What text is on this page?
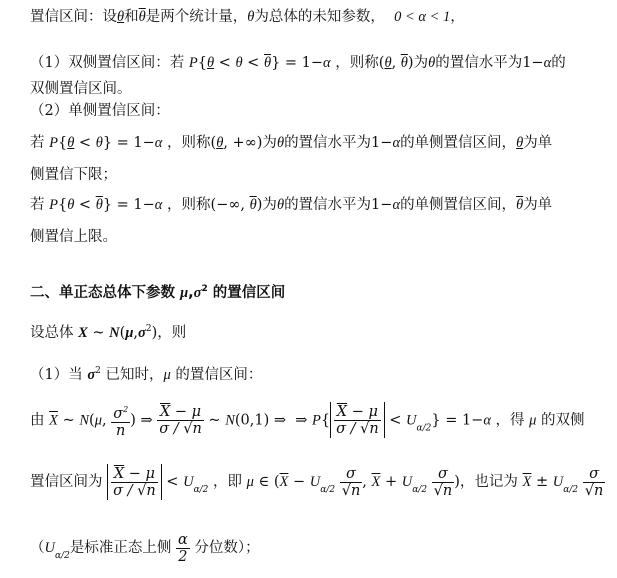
置信区间：设θ和$\overline{\theta}$是两个统计量，θ为总体的未知参数，  0 < α < 1，
（1）双侧置信区间：若 $P\{\theta < \theta < \overline{\theta}\} = 1-\alpha$ ，则称(θ, $\overline{\theta}$)为θ的置信水平为1−α的
双侧置信区间。
（2）单侧置信区间：
若 P{θ < θ} = 1−α ，则称(θ, +∞)为θ的置信水平为1−α的单侧置信区间，θ为单
侧置信下限；
若 $P\{\theta < \overline{\theta}\} = 1-\alpha$ ，则称(−∞, $\overline{\theta}$)为θ的置信水平为1−α的单侧置信区间，$\overline{\theta}$为单
侧置信上限。
二、单正态总体下参数 $\mu,\sigma^2$ 的置信区间
设总体 X ~ $N(\mu,\sigma^2)$，则
（1）当 $\sigma^2$ 已知时，μ 的置信区间：
由 $\overline{X}$ ~ N(μ, $\frac{\sigma^2}{n}$ ) ⇒ $\frac{\overline{X} - \mu}{\sigma / √n}$ ~ N(0,1) ⇒  ⇒ $P\{ \frac{\overline{X} - \mu}{\sigma / √n} < U_{\alpha/2}\} = 1-\alpha$ ，得 μ 的双侧
置信区间为 $\frac{\overline{X} - \mu}{\sigma / √n} < U_{\alpha/2}$ ，即 μ ∈ ($\overline{X} - U_{\alpha/2} \frac{\sigma}{√n}$ , $\overline{X} + U_{\alpha/2} \frac{\sigma}{√n}$ )，也记为 $\overline{X} \pm U_{\alpha/2} \frac{\sigma}{√n}$
（$U_{\alpha/2}$是标准正态上侧 $\frac{\alpha}{2}$ 分位数）；
